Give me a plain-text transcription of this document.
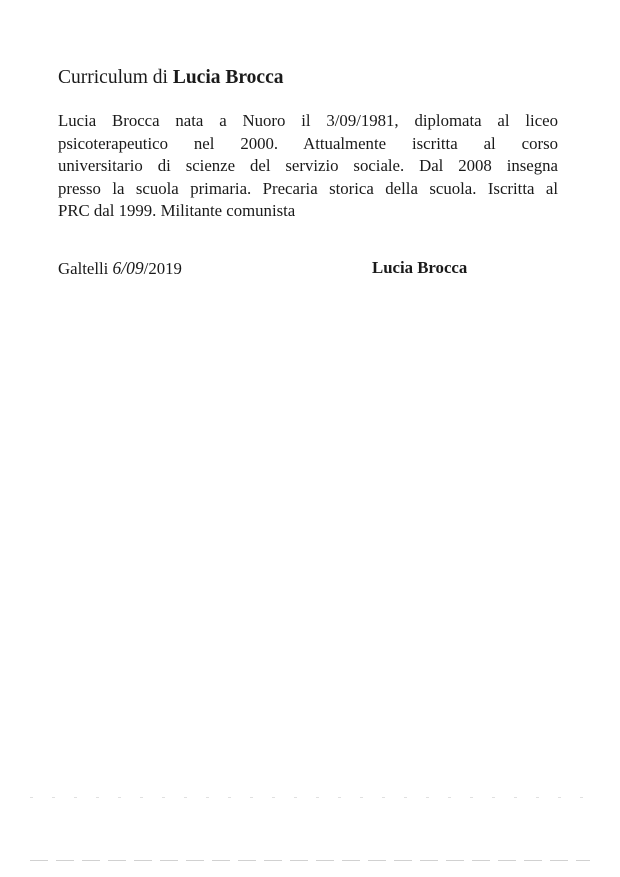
Curriculum di Lucia Brocca
Lucia Brocca nata a Nuoro il 3/09/1981, diplomata al liceo
psicoterapeutico nel 2000. Attualmente iscritta al corso
universitario di scienze del servizio sociale. Dal 2008 insegna
presso la scuola primaria. Precaria storica della scuola. Iscritta al
PRC dal 1999. Militante comunista
Galtelli 6/09/2019	Lucia Brocca
